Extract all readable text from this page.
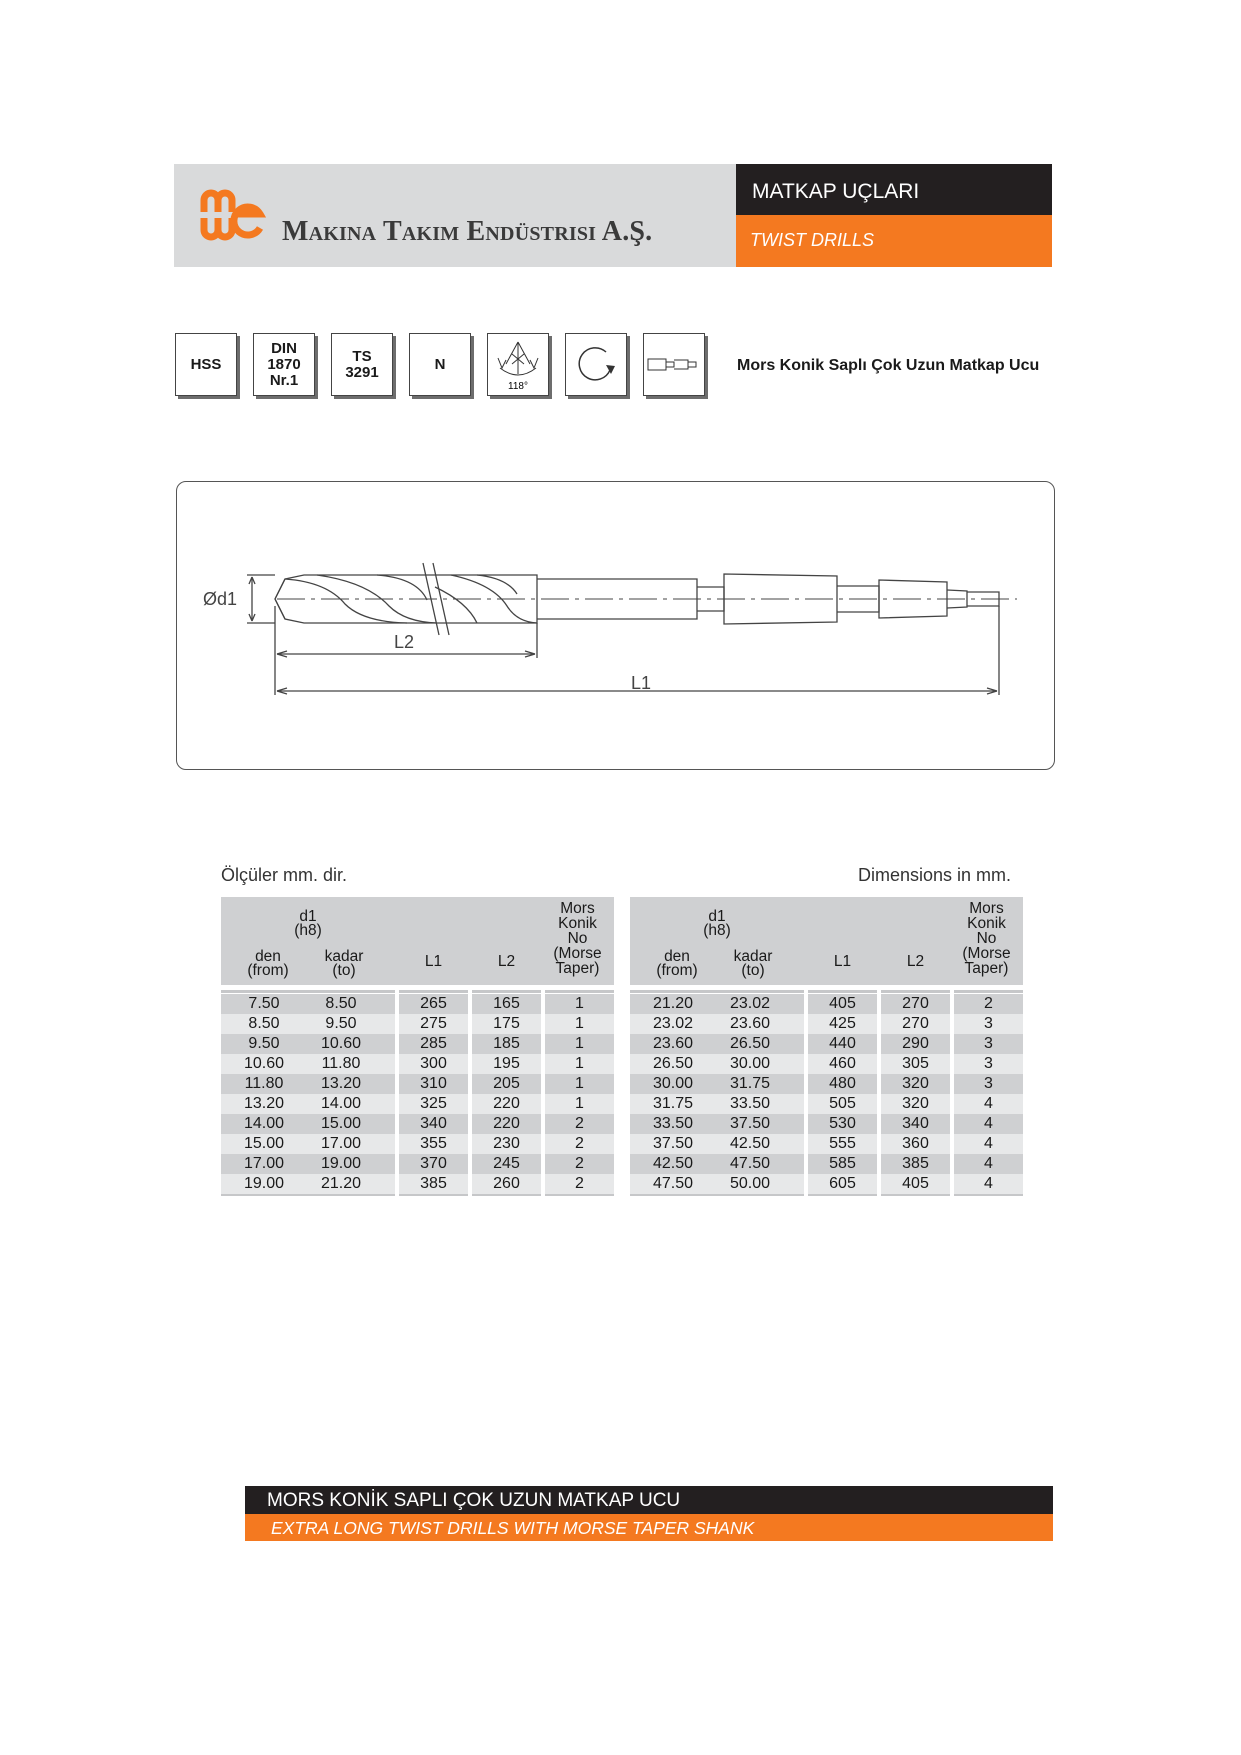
Makina Takım Endüstrisi A.Ş.
MATKAP UÇLARI
TWIST DRILLS
HSS
DIN
1870
Nr.1
TS
3291	N
118°
Mors Konik Saplı Çok Uzun Matkap Ucu
Ød1
L2
L1
Ölçüler mm. dir.	Dimensions in mm.
d1
(h8)
den
(from)
kadar
(to)
L1	L2
Mors
Konik
No
(Morse
Taper)
7.50	8.50	265	165	1
8.50	9.50	275	175	1
9.50	10.60	285	185	1
10.60	11.80	300	195	1
11.80	13.20	310	205	1
13.20	14.00	325	220	1
14.00	15.00	340	220	2
15.00	17.00	355	230	2
17.00	19.00	370	245	2
19.00	21.20	385	260	2
d1
(h8)
den
(from)
kadar
(to)
L1	L2
Mors
Konik
No
(Morse
Taper)
21.20	23.02	405	270	2
23.02	23.60	425	270	3
23.60	26.50	440	290	3
26.50	30.00	460	305	3
30.00	31.75	480	320	3
31.75	33.50	505	320	4
33.50	37.50	530	340	4
37.50	42.50	555	360	4
42.50	47.50	585	385	4
47.50	50.00	605	405	4
MORS KONİK SAPLI ÇOK UZUN MATKAP UCU
EXTRA LONG TWIST DRILLS WITH MORSE TAPER SHANK
